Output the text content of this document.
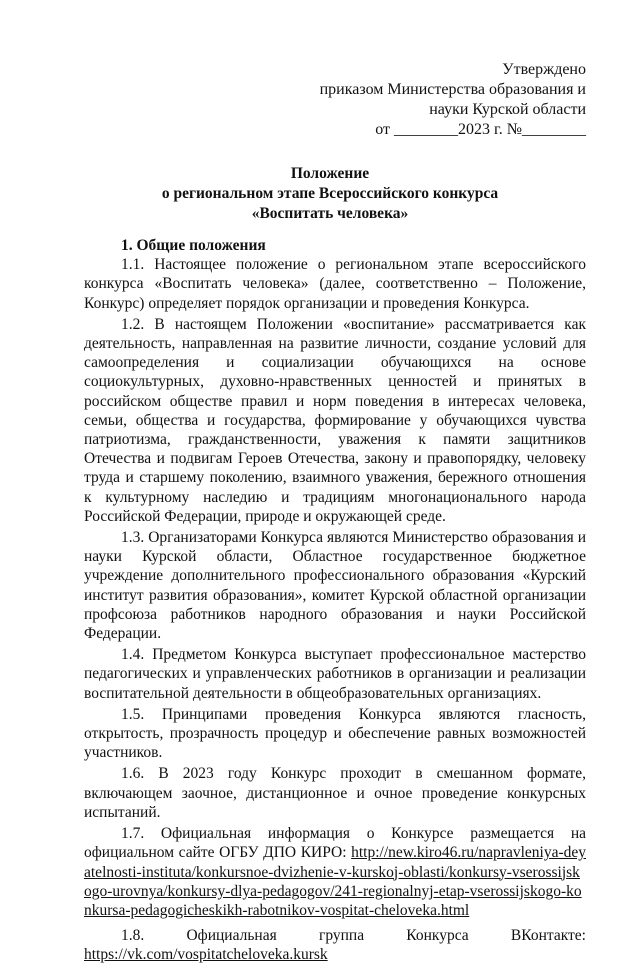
Утверждено
приказом Министерства образования и
науки Курской области
от ________2023 г. №________
Положение
о региональном этапе Всероссийского конкурса
«Воспитать человека»

1. Общие положения

1.1. Настоящее положение о региональном этапе всероссийского конкурса «Воспитать человека» (далее, соответственно – Положение, Конкурс) определяет порядок организации и проведения Конкурса.

1.2. В настоящем Положении «воспитание» рассматривается как деятельность, направленная на развитие личности, создание условий для самоопределения и социализации обучающихся на основе социокультурных, духовно-нравственных ценностей и принятых в российском обществе правил и норм поведения в интересах человека, семьи, общества и государства, формирование у обучающихся чувства патриотизма, гражданственности, уважения к памяти защитников Отечества и подвигам Героев Отечества, закону и правопорядку, человеку труда и старшему поколению, взаимного уважения, бережного отношения к культурному наследию и традициям многонационального народа Российской Федерации, природе и окружающей среде.

1.3. Организаторами Конкурса являются Министерство образования и науки Курской области, Областное государственное бюджетное учреждение дополнительного профессионального образования «Курский институт развития образования», комитет Курской областной организации профсоюза работников народного образования и науки Российской Федерации.

1.4. Предметом Конкурса выступает профессиональное мастерство педагогических и управленческих работников в организации и реализации воспитательной деятельности в общеобразовательных организациях.

1.5. Принципами проведения Конкурса являются гласность, открытость, прозрачность процедур и обеспечение равных возможностей участников.

1.6. В 2023 году Конкурс проходит в смешанном формате, включающем заочное, дистанционное и очное проведение конкурсных испытаний.

1.7. Официальная информация о Конкурсе размещается на официальном сайте ОГБУ ДПО КИРО: http://new.kiro46.ru/napravleniya-deyatelnosti-instituta/konkursnoe-dvizhenie-v-kurskoj-oblasti/konkursy-vserossijskogo-urovnya/konkursy-dlya-pedagogov/241-regionalnyj-etap-vserossijskogo-konkursa-pedagogicheskikh-rabotnikov-vospitat-cheloveka.html

1.8. Официальная группа Конкурса ВКонтакте:

https://vk.com/vospitatcheloveka.kursk
